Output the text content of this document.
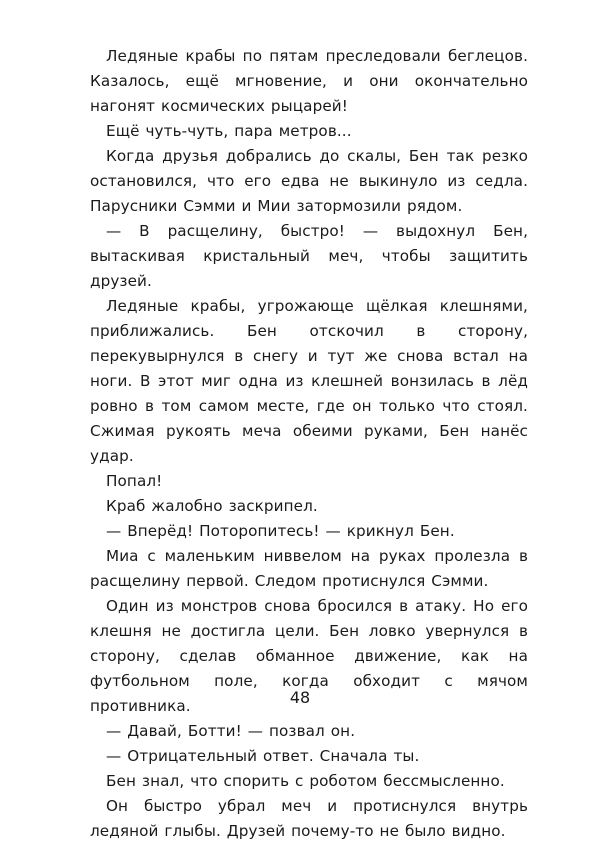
Ледяные крабы по пятам преследовали беглецов. Казалось, ещё мгновение, и они окончательно нагонят космических рыцарей!

Ещё чуть-чуть, пара метров...

Когда друзья добрались до скалы, Бен так резко остановился, что его едва не выкинуло из седла. Парусники Сэмми и Мии затормозили рядом.

— В расщелину, быстро! — выдохнул Бен, вытаскивая кристальный меч, чтобы защитить друзей.

Ледяные крабы, угрожающе щёлкая клешнями, приближались. Бен отскочил в сторону, перекувырнулся в снегу и тут же снова встал на ноги. В этот миг одна из клешней вонзилась в лёд ровно в том самом месте, где он только что стоял. Сжимая рукоять меча обеими руками, Бен нанёс удар.

Попал!

Краб жалобно заскрипел.

— Вперёд! Поторопитесь! — крикнул Бен.

Миа с маленьким ниввелом на руках пролезла в расщелину первой. Следом протиснулся Сэмми.

Один из монстров снова бросился в атаку. Но его клешня не достигла цели. Бен ловко увернулся в сторону, сделав обманное движение, как на футбольном поле, когда обходит с мячом противника.

— Давай, Ботти! — позвал он.

— Отрицательный ответ. Сначала ты.

Бен знал, что спорить с роботом бессмысленно.

Он быстро убрал меч и протиснулся внутрь ледяной глыбы. Друзей почему-то не было видно.

48
